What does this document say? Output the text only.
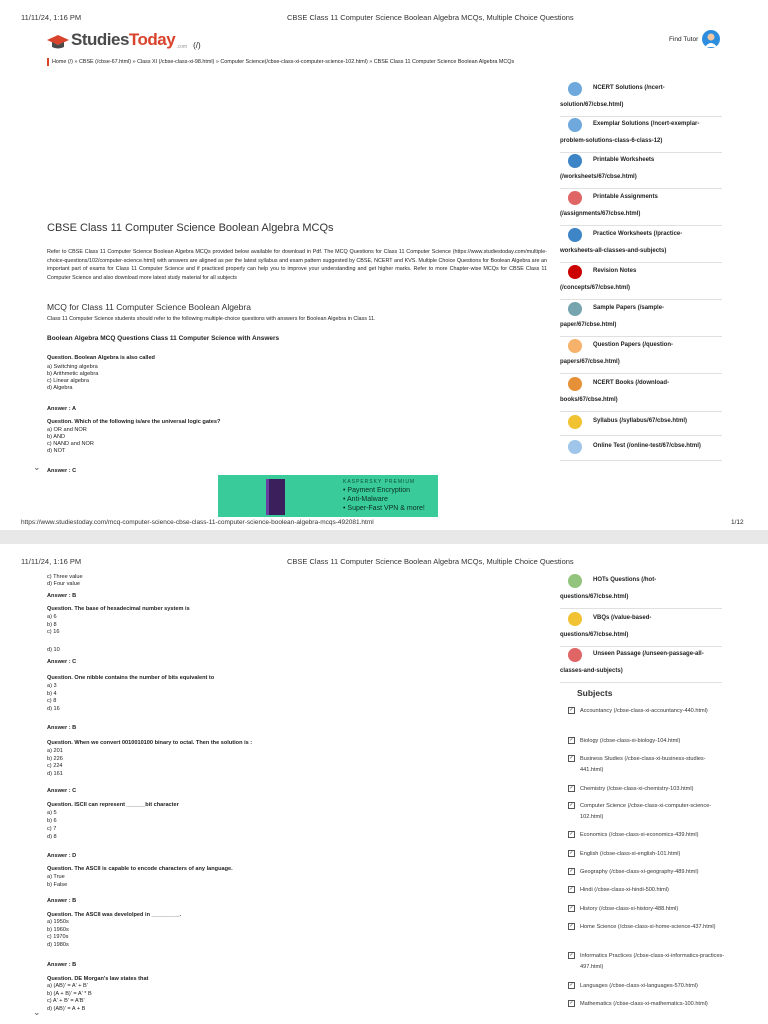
11/11/24, 1:16 PM	CBSE Class 11 Computer Science Boolean Algebra MCQs, Multiple Choice Questions
StudiesToday .com (/)
Find Tutor
Home (/) » CBSE (/cbse-67.html) » Class XI (/cbse-class-xi-98.html) » Computer Science(/cbse-class-xi-computer-science-102.html) » CBSE Class 11 Computer Science Boolean Algebra MCQs
CBSE Class 11 Computer Science Boolean Algebra MCQs
Refer to CBSE Class 11 Computer Science Boolean Algebra MCQs provided below available for download in Pdf. The MCQ Questions for Class 11 Computer Science (https://www.studiestoday.com/multiple-choice-questions/102/computer-science.html) with answers are aligned as per the latest syllabus and exam pattern suggested by CBSE, NCERT and KVS. Multiple Choice Questions for Boolean Algebra are an important part of exams for Class 11 Computer Science and if practiced properly can help you to improve your understanding and get higher marks. Refer to more Chapter-wise MCQs for CBSE Class 11 Computer Science and also download more latest study material for all subjects
MCQ for Class 11 Computer Science Boolean Algebra
Class 11 Computer Science students should refer to the following multiple-choice questions with answers for Boolean Algebra in Class 11.
Boolean Algebra MCQ Questions Class 11 Computer Science with Answers
Question. Boolean Algebra is also called
a) Switching algebra
b) Arithmetic algebra
c) Linear algebra
d) Algebra
Answer : A
Question. Which of the following is/are the universal logic gates?
a) OR and NOR
b) AND
c) NAND and NOR
d) NOT
Answer : C
⌄
KASPERSKY PREMIUM
• Payment Encryption
• Anti-Malware
• Super-Fast VPN & more!
https://www.studiestoday.com/mcq-computer-science-cbse-class-11-computer-science-boolean-algebra-mcqs-492081.html	1/12
NCERT Solutions (/ncert-
solution/67/cbse.html)
Exemplar Solutions (/ncert-exemplar-
problem-solutions-class-6-class-12)
Printable Worksheets
(/worksheets/67/cbse.html)
Printable Assignments
(/assignments/67/cbse.html)
Practice Worksheets (/practice-
worksheets-all-classes-and-subjects)
Revision Notes
(/concepts/67/cbse.html)
Sample Papers (/sample-
paper/67/cbse.html)
Question Papers (/question-
papers/67/cbse.html)
NCERT Books (/download-
books/67/cbse.html)
Syllabus (/syllabus/67/cbse.html)
Online Test (/online-test/67/cbse.html)
11/11/24, 1:16 PM	CBSE Class 11 Computer Science Boolean Algebra MCQs, Multiple Choice Questions
c) Three value
d) Four value
Answer : B
Question. The base of hexadecimal number system is
a) 6
b) 8
c) 16
d) 10
Answer : C
Question. One nibble contains the number of bits equivalent to
a) 3
b) 4
c) 8
d) 16
Answer : B
Question. When we convert 0010010100 binary to octal. Then the solution is :
a) 201
b) 226
c) 224
d) 161
Answer : C
Question. ISCII can represent ______bit character
a) 5
b) 6
c) 7
d) 8
Answer : D
Question. The ASCII is capable to encode characters of any language.
a) True
b) False
Answer : B
Question. The ASCII was develolped in _________.
a) 1950s
b) 1960s
c) 1970s
d) 1980s
Answer : B
Question. DE Morgan's law states that
a) (AB)' = A' + B'
b) (A + B)' = A' * B
c) A' + B' = A'B'
d) (AB)' = A + B
⌄
HOTs Questions (/hot-
questions/67/cbse.html)
VBQs (/value-based-
questions/67/cbse.html)
Unseen Passage (/unseen-passage-all-
classes-and-subjects)
Subjects
✓ Accountancy (/cbse-class-xi-accountancy-440.html)
✓ Biology (/cbse-class-xi-biology-104.html)
✓ Business Studies (/cbse-class-xi-business-studies-441.html)
✓ Chemistry (/cbse-class-xi-chemistry-103.html)
✓ Computer Science (/cbse-class-xi-computer-science-102.html)
✓ Economics (/cbse-class-xi-economics-439.html)
✓ English (/cbse-class-xi-english-101.html)
✓ Geography (/cbse-class-xi-geography-489.html)
✓ Hindi (/cbse-class-xi-hindi-500.html)
✓ History (/cbse-class-xi-history-488.html)
✓ Home Science (/cbse-class-xi-home-science-437.html)
✓ Informatics Practices (/cbse-class-xi-informatics-practices-497.html)
✓ Languages (/cbse-class-xi-languages-570.html)
✓ Mathematics (/cbse-class-xi-mathematics-100.html)
